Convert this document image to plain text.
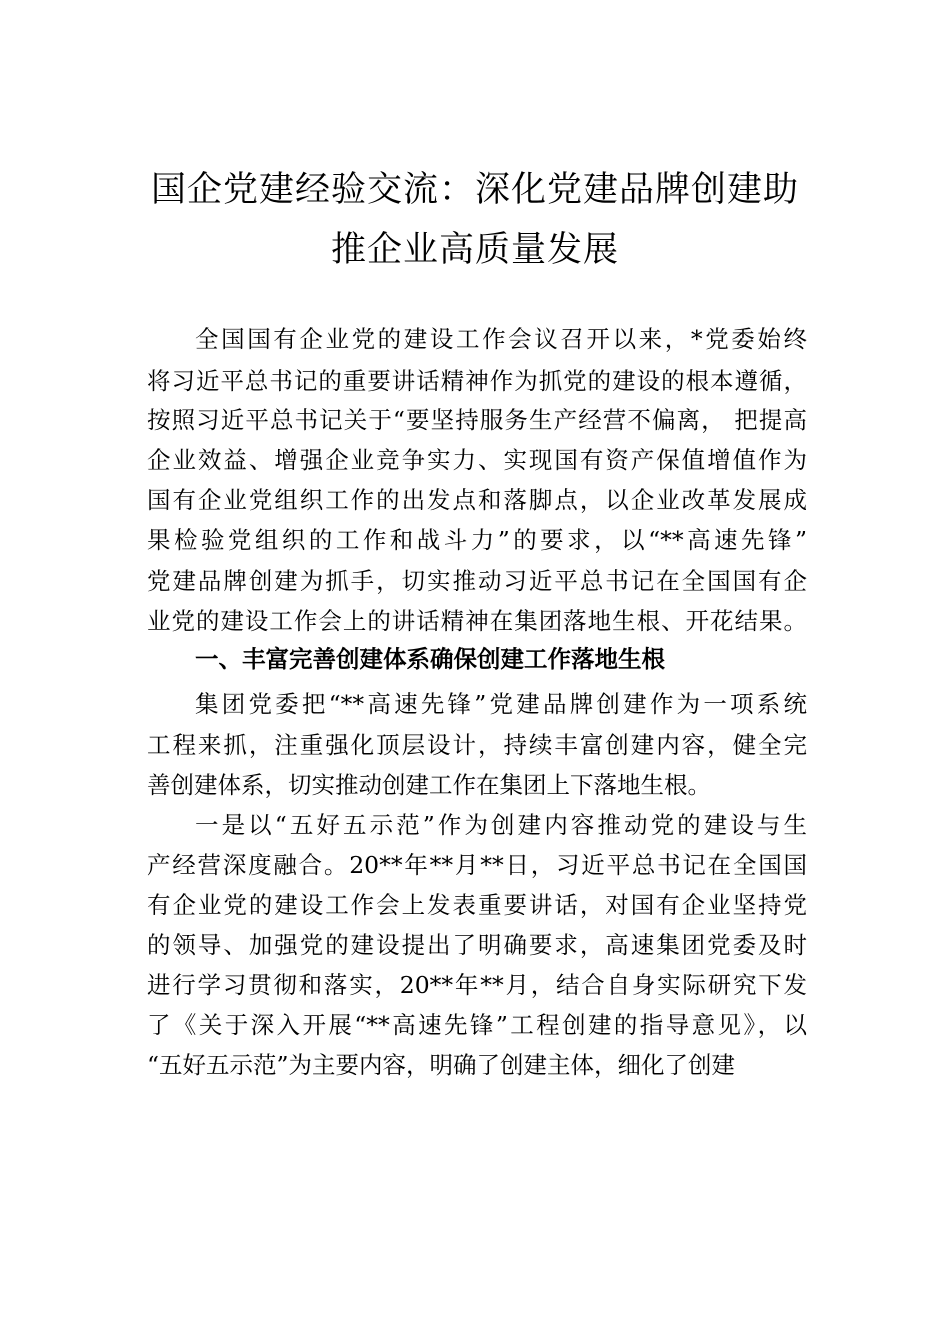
国企党建经验交流：深化党建品牌创建助
推企业高质量发展
全国国有企业党的建设工作会议召开以来，*党委始终
将习近平总书记的重要讲话精神作为抓党的建设的根本遵循，
按照习近平总书记关于“要坚持服务生产经营不偏离， 把提高
企业效益、增强企业竞争实力、实现国有资产保值增值作为
国有企业党组织工作的出发点和落脚点，以企业改革发展成
果检验党组织的工作和战斗力”的要求，以“**高速先锋”
党建品牌创建为抓手，切实推动习近平总书记在全国国有企
业党的建设工作会上的讲话精神在集团落地生根、开花结果。
一、丰富完善创建体系确保创建工作落地生根
集团党委把“**高速先锋”党建品牌创建作为一项系统
工程来抓，注重强化顶层设计，持续丰富创建内容，健全完
善创建体系，切实推动创建工作在集团上下落地生根。
一是以“五好五示范”作为创建内容推动党的建设与生
产经营深度融合。20**年**月**日，习近平总书记在全国国
有企业党的建设工作会上发表重要讲话，对国有企业坚持党
的领导、加强党的建设提出了明确要求，高速集团党委及时
进行学习贯彻和落实，20**年**月，结合自身实际研究下发
了《关于深入开展“**高速先锋”工程创建的指导意见》，以
“五好五示范”为主要内容，明确了创建主体，细化了创建
